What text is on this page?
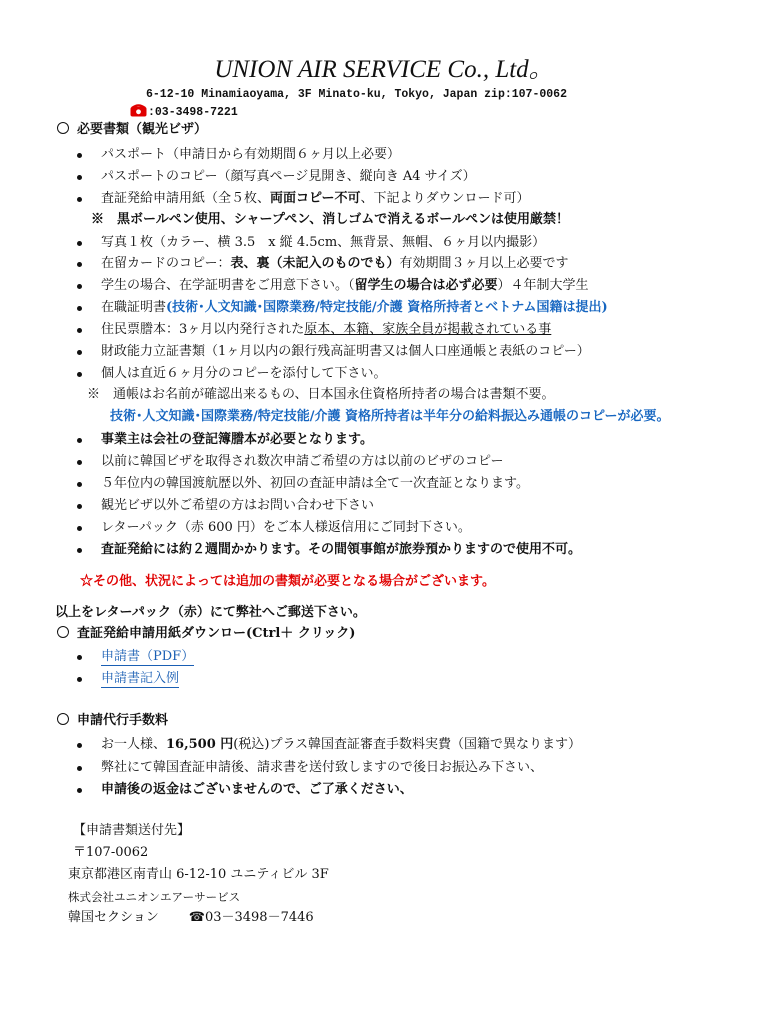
UNION AIR SERVICE Co., Ltd。
6-12-10 Minamiaoyama, 3F Minato-ku, Tokyo, Japan zip:107-0062
:03-3498-7221
必要書類（観光ビザ）
パスポート（申請日から有効期間６ヶ月以上必要）
パスポートのコピー（顔写真ページ見開き、縦向き A4 サイズ）
査証発給申請用紙（全５枚、両面コピー不可、下記よりダウンロード可）
※　黒ボールペン使用、シャープペン、消しゴムで消えるボールペンは使用厳禁！
写真１枚（カラー、横 3.5　x 縦 4.5cm、無背景、無帽、６ヶ月以内撮影）
在留カードのコピー：表、裏（未記入のものでも）有効期間３ヶ月以上必要です
学生の場合、在学証明書をご用意下さい。（留学生の場合は必ず必要）４年制大学生
在職証明書(技術･人文知識･国際業務/特定技能/介護 資格所持者とベトナム国籍は提出)
住民票謄本：3ヶ月以内発行された原本、本籍、家族全員が掲載されている事
財政能力立証書類（1ヶ月以内の銀行残高証明書又は個人口座通帳と表紙のコピー）
個人は直近６ヶ月分のコピーを添付して下さい。
※　通帳はお名前が確認出来るもの、日本国永住資格所持者の場合は書類不要。
技術･人文知識･国際業務/特定技能/介護 資格所持者は半年分の給料振込み通帳のコピーが必要。
事業主は会社の登記簿謄本が必要となります。
以前に韓国ビザを取得され数次申請ご希望の方は以前のビザのコピー
５年位内の韓国渡航歴以外、初回の査証申請は全て一次査証となります。
観光ビザ以外ご希望の方はお問い合わせ下さい
レターパック（赤 600 円）をご本人様返信用にご同封下さい。
査証発給には約２週間かかります。その間領事館が旅券預かりますので使用不可。
☆その他、状況によっては追加の書類が必要となる場合がございます。
以上をレターパック（赤）にて弊社へご郵送下さい。
査証発給申請用紙ダウンロー(Ctrl＋ クリック)
申請書（PDF）
申請書記入例
申請代行手数料
お一人様、16,500 円(税込)プラス韓国査証審査手数料実費（国籍で異なります）
弊社にて韓国査証申請後、請求書を送付致しますので後日お振込み下さい、
申請後の返金はございませんので、ご了承ください、
【申請書類送付先】
〒107-0062
東京都港区南青山 6-12-10 ユニティビル 3F
株式会社ユニオンエアーサービス
韓国セクション ☎03－3498－7446
